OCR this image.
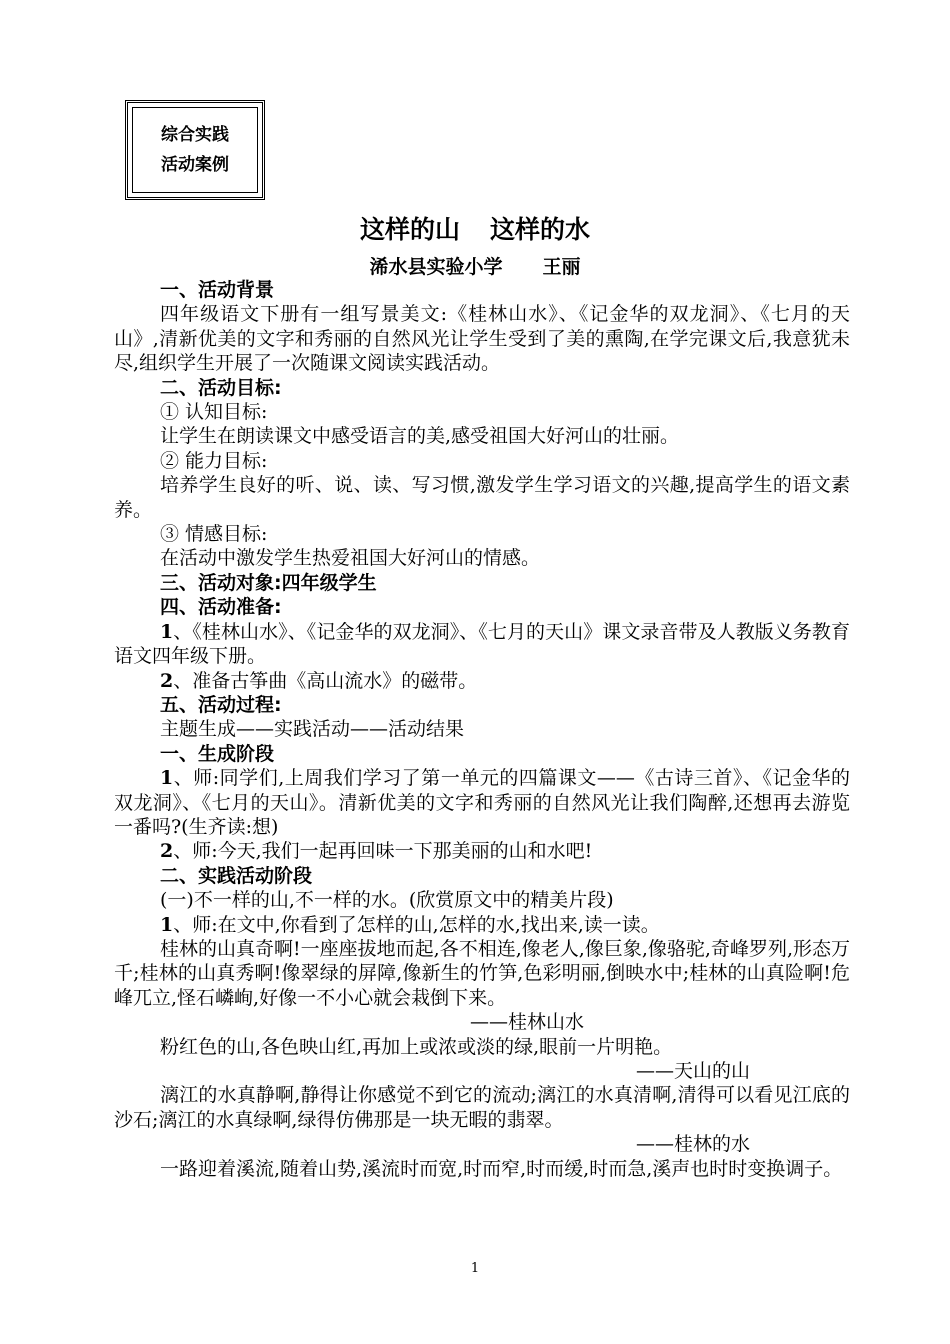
综合实践
活动案例
这样的山 这样的水
浠水县实验小学 王丽

一、活动背景

四年级语文下册有一组写景美文:《桂林山水》、《记金华的双龙洞》、《七月的天山》,清新优美的文字和秀丽的自然风光让学生受到了美的熏陶,在学完课文后,我意犹未尽,组织学生开展了一次随课文阅读实践活动。

二、活动目标:

① 认知目标:

让学生在朗读课文中感受语言的美,感受祖国大好河山的壮丽。

② 能力目标:

培养学生良好的听、说、读、写习惯,激发学生学习语文的兴趣,提高学生的语文素养。

③ 情感目标:

在活动中激发学生热爱祖国大好河山的情感。

三、活动对象:四年级学生

四、活动准备:

1、《桂林山水》、《记金华的双龙洞》、《七月的天山》课文录音带及人教版义务教育语文四年级下册。

2、准备古筝曲《高山流水》的磁带。

五、活动过程:

主题生成——实践活动——活动结果

一、生成阶段

1、师:同学们,上周我们学习了第一单元的四篇课文——《古诗三首》、《记金华的双龙洞》、《七月的天山》。清新优美的文字和秀丽的自然风光让我们陶醉,还想再去游览一番吗?(生齐读:想)

2、师:今天,我们一起再回味一下那美丽的山和水吧!

二、实践活动阶段

(一)不一样的山,不一样的水。(欣赏原文中的精美片段)

1、师:在文中,你看到了怎样的山,怎样的水,找出来,读一读。

桂林的山真奇啊!一座座拔地而起,各不相连,像老人,像巨象,像骆驼,奇峰罗列,形态万千;桂林的山真秀啊!像翠绿的屏障,像新生的竹笋,色彩明丽,倒映水中;桂林的山真险啊!危峰兀立,怪石嶙峋,好像一不小心就会栽倒下来。

——桂林山水

粉红色的山,各色映山红,再加上或浓或淡的绿,眼前一片明艳。

——天山的山

漓江的水真静啊,静得让你感觉不到它的流动;漓江的水真清啊,清得可以看见江底的沙石;漓江的水真绿啊,绿得仿佛那是一块无暇的翡翠。

——桂林的水

一路迎着溪流,随着山势,溪流时而宽,时而窄,时而缓,时而急,溪声也时时变换调子。

1
